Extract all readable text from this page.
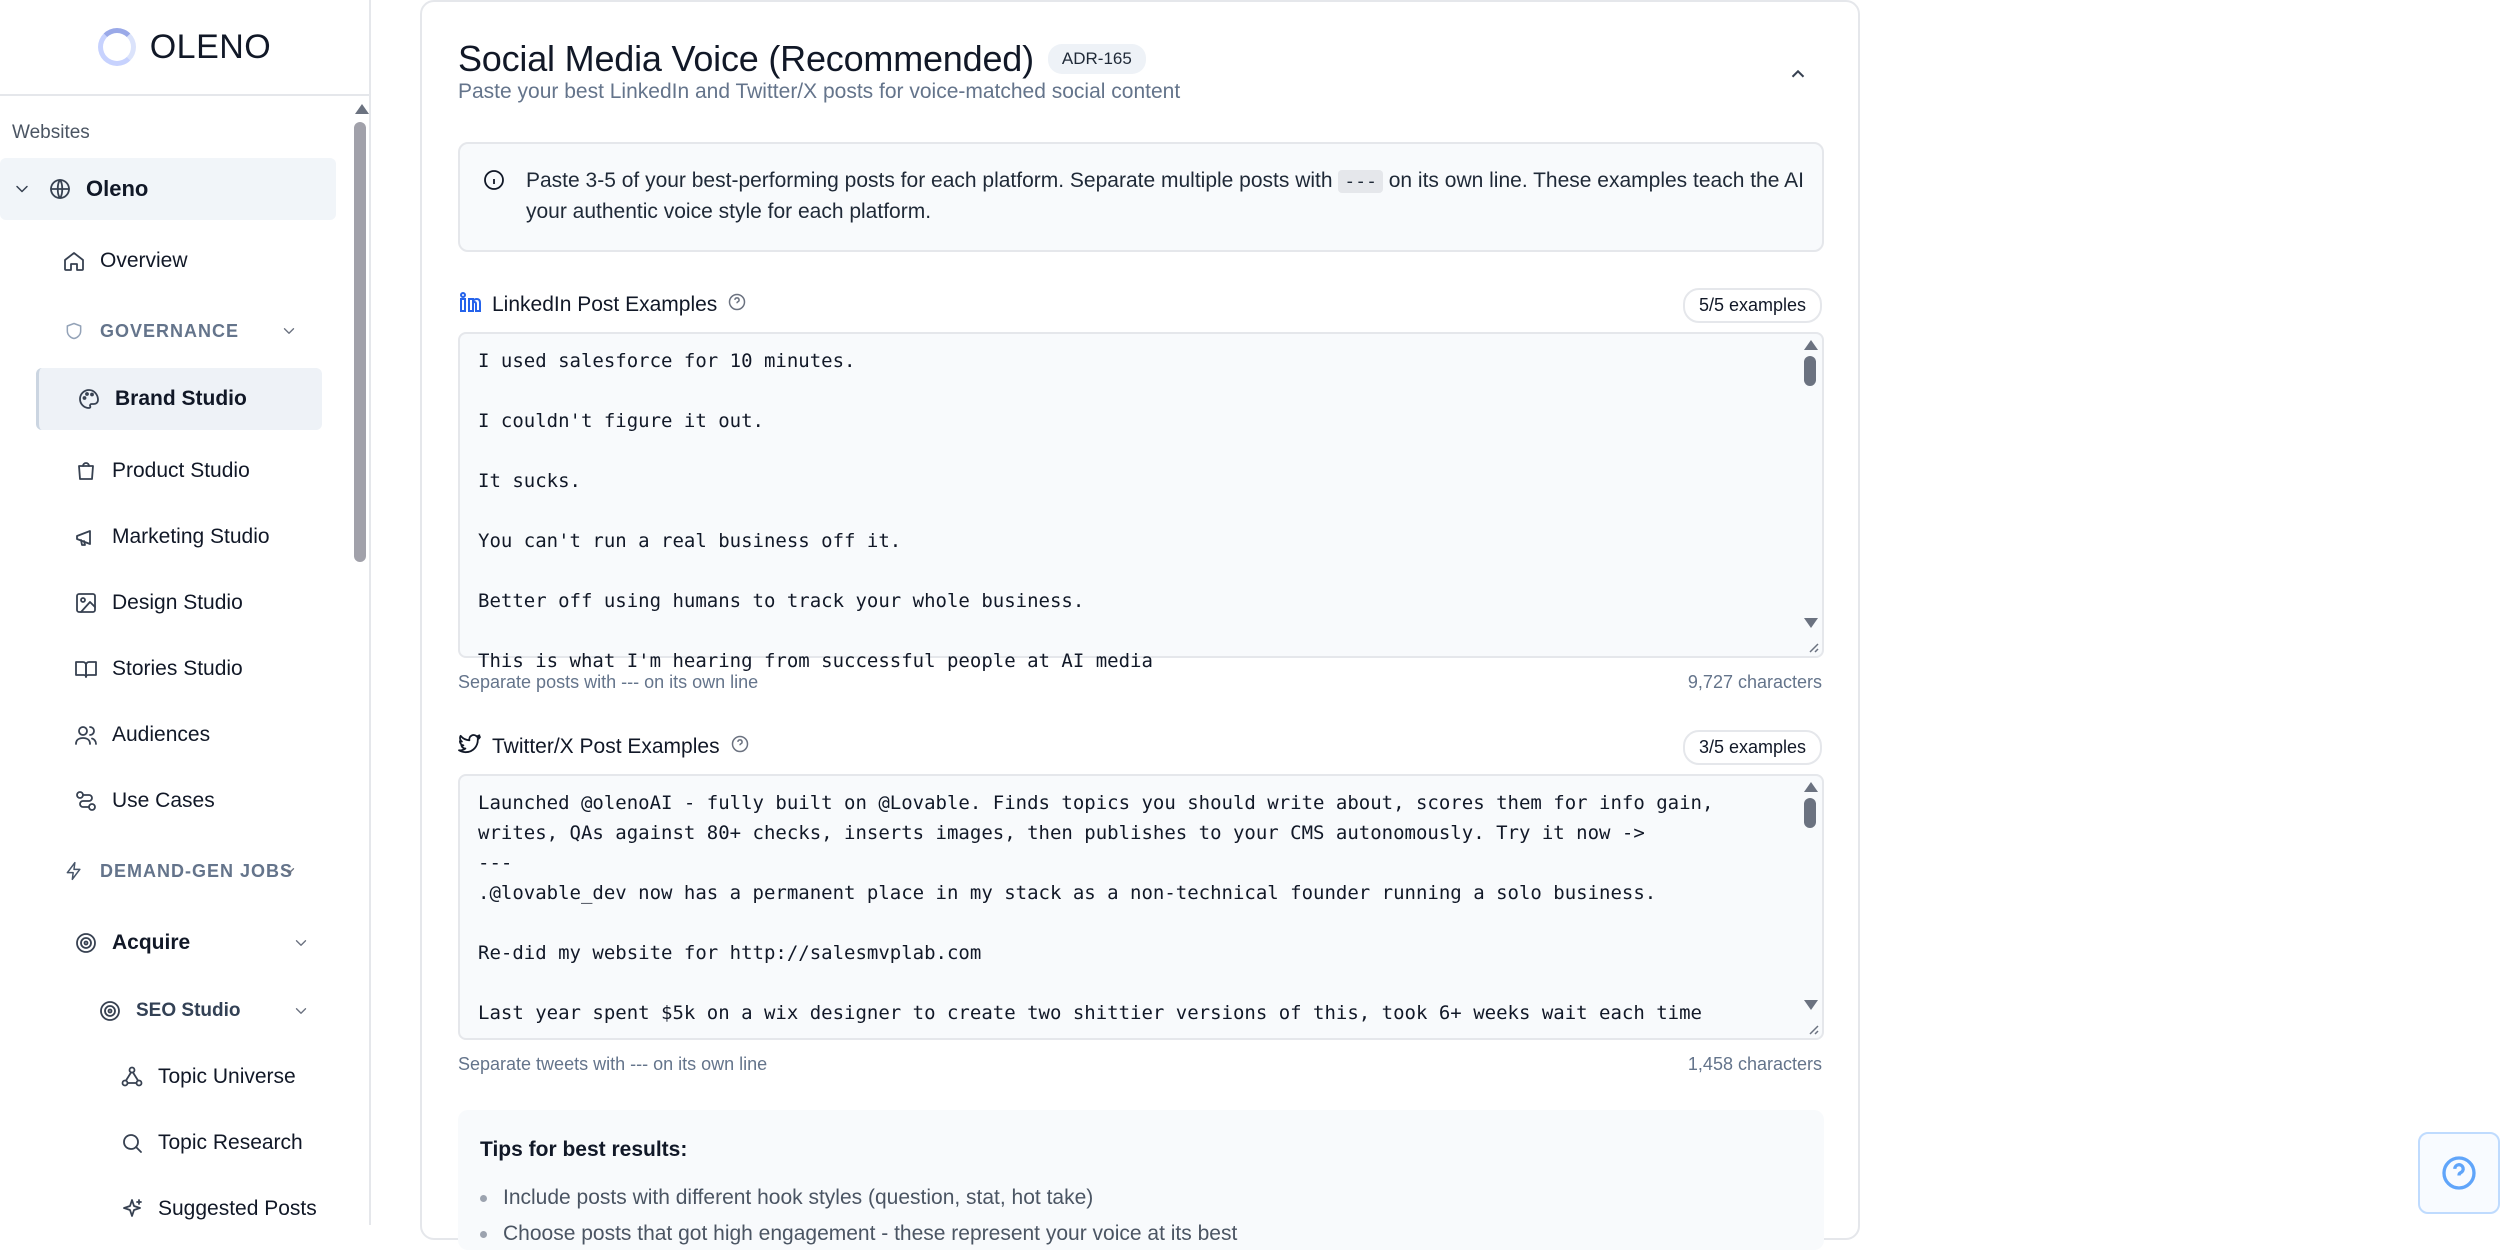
OLENO
Websites
Oleno
Overview
GOVERNANCE
Brand Studio
Product Studio
Marketing Studio
Design Studio
Stories Studio
Audiences
Use Cases
DEMAND-GEN JOBS
Acquire
SEO Studio
Topic Universe
Topic Research
Suggested Posts
Social Media Voice (Recommended)	ADR-165

Paste your best LinkedIn and Twitter/X posts for voice-matched social content

Paste 3-5 of your best-performing posts for each platform. Separate multiple posts with --- on its own line. These examples teach the AI your authentic voice style for each platform.

LinkedIn Post Examples	5/5 examples
I used salesforce for 10 minutes.

I couldn't figure it out.

It sucks.

You can't run a real business off it.

Better off using humans to track your whole business.

This is what I'm hearing from successful people at AI media
Separate posts with --- on its own line	9,727 characters
Twitter/X Post Examples	3/5 examples
Launched @olenoAI - fully built on @Lovable. Finds topics you should write about, scores them for info gain, writes, QAs against 80+ checks, inserts images, then publishes to your CMS autonomously. Try it now ->
---
.@lovable_dev now has a permanent place in my stack as a non-technical founder running a solo business.

Re-did my website for http://salesmvplab.com

Last year spent $5k on a wix designer to create two shittier versions of this, took 6+ weeks wait each time
Separate tweets with --- on its own line	1,458 characters
Tips for best results:
Include posts with different hook styles (question, stat, hot take)
Choose posts that got high engagement - these represent your voice at its best
